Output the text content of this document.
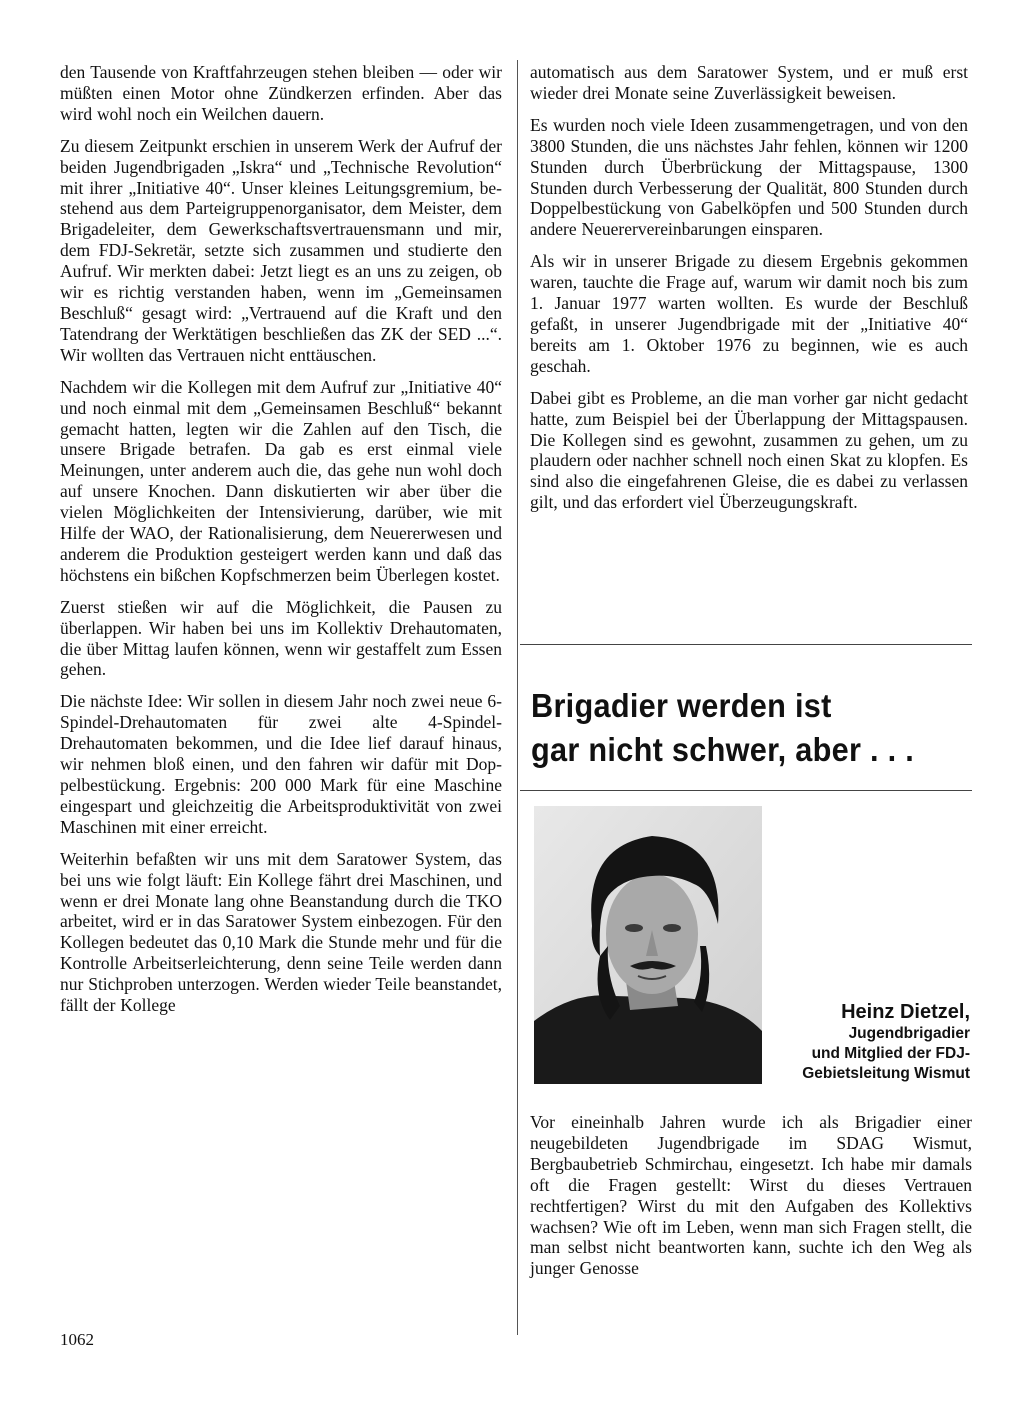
den Tausende von Kraftfahrzeugen stehen bleiben — oder wir müßten einen Motor ohne Zündkerzen erfinden. Aber das wird wohl noch ein Weilchen dauern.

Zu diesem Zeitpunkt erschien in unserem Werk der Aufruf der beiden Jugendbrigaden „Iskra“ und „Technische Revolution“ mit ihrer „Initiative 40“. Unser kleines Leitungsgremium, bestehend aus dem Parteigruppenorganisator, dem Meister, dem Brigadeleiter, dem Gewerkschaftsvertrauensmann und mir, dem FDJ-Sekretär, setzte sich zusammen und studierte den Aufruf. Wir merkten dabei: Jetzt liegt es an uns zu zeigen, ob wir es richtig verstanden haben, wenn im „Gemeinsamen Beschluß“ gesagt wird: „Vertrauend auf die Kraft und den Tatendrang der Werktätigen beschließen das ZK der SED ...“. Wir wollten das Vertrauen nicht enttäuschen.

Nachdem wir die Kollegen mit dem Aufruf zur „Initiative 40“ und noch einmal mit dem „Gemeinsamen Beschluß“ bekannt gemacht hatten, legten wir die Zahlen auf den Tisch, die unsere Brigade betrafen. Da gab es erst einmal viele Meinungen, unter anderem auch die, das gehe nun wohl doch auf unsere Knochen. Dann diskutierten wir aber über die vielen Möglichkeiten der Intensivierung, darüber, wie mit Hilfe der WAO, der Rationalisierung, dem Neuererwesen und anderem die Produktion gesteigert werden kann und daß das höchstens ein bißchen Kopfschmerzen beim Überlegen kostet.

Zuerst stießen wir auf die Möglichkeit, die Pausen zu überlappen. Wir haben bei uns im Kollektiv Drehautomaten, die über Mittag laufen können, wenn wir gestaffelt zum Essen gehen.

Die nächste Idee: Wir sollen in diesem Jahr noch zwei neue 6-Spindel-Drehautomaten für zwei alte 4-Spindel-Drehautomaten bekommen, und die Idee lief darauf hinaus, wir nehmen bloß einen, und den fahren wir dafür mit Doppelbestückung. Ergebnis: 200 000 Mark für eine Maschine eingespart und gleichzeitig die Arbeitsproduktivität von zwei Maschinen mit einer erreicht.

Weiterhin befaßten wir uns mit dem Saratower System, das bei uns wie folgt läuft: Ein Kollege fährt drei Maschinen, und wenn er drei Monate lang ohne Beanstandung durch die TKO arbeitet, wird er in das Saratower System einbezogen. Für den Kollegen bedeutet das 0,10 Mark die Stunde mehr und für die Kontrolle Arbeitserleichterung, denn seine Teile werden dann nur Stichproben unterzogen. Werden wieder Teile beanstandet, fällt der Kollege

automatisch aus dem Saratower System, und er muß erst wieder drei Monate seine Zuverlässigkeit beweisen.

Es wurden noch viele Ideen zusammengetragen, und von den 3800 Stunden, die uns nächstes Jahr fehlen, können wir 1200 Stunden durch Überbrückung der Mittagspause, 1300 Stunden durch Verbesserung der Qualität, 800 Stunden durch Doppelbestückung von Gabelköpfen und 500 Stunden durch andere Neuerervereinbarungen einsparen.

Als wir in unserer Brigade zu diesem Ergebnis gekommen waren, tauchte die Frage auf, warum wir damit noch bis zum 1. Januar 1977 warten wollten. Es wurde der Beschluß gefaßt, in unserer Jugendbrigade mit der „Initiative 40“ bereits am 1. Oktober 1976 zu beginnen, wie es auch geschah.

Dabei gibt es Probleme, an die man vorher gar nicht gedacht hatte, zum Beispiel bei der Überlappung der Mittagspausen. Die Kollegen sind es gewohnt, zusammen zu gehen, um zu plaudern oder nachher schnell noch einen Skat zu klopfen. Es sind also die eingefahrenen Gleise, die es dabei zu verlassen gilt, und das erfordert viel Überzeugungskraft.

Brigadier werden ist
gar nicht schwer, aber . . .
Heinz Dietzel,
Jugendbrigadier
und Mitglied der FDJ-
Gebietsleitung Wismut

Vor eineinhalb Jahren wurde ich als Brigadier einer neugebildeten Jugendbrigade im SDAG Wismut, Bergbaubetrieb Schmirchau, eingesetzt. Ich habe mir damals oft die Fragen gestellt: Wirst du dieses Vertrauen rechtfertigen? Wirst du mit den Aufgaben des Kollektivs wachsen? Wie oft im Leben, wenn man sich Fragen stellt, die man selbst nicht beantworten kann, suchte ich den Weg als junger Genosse

1062
